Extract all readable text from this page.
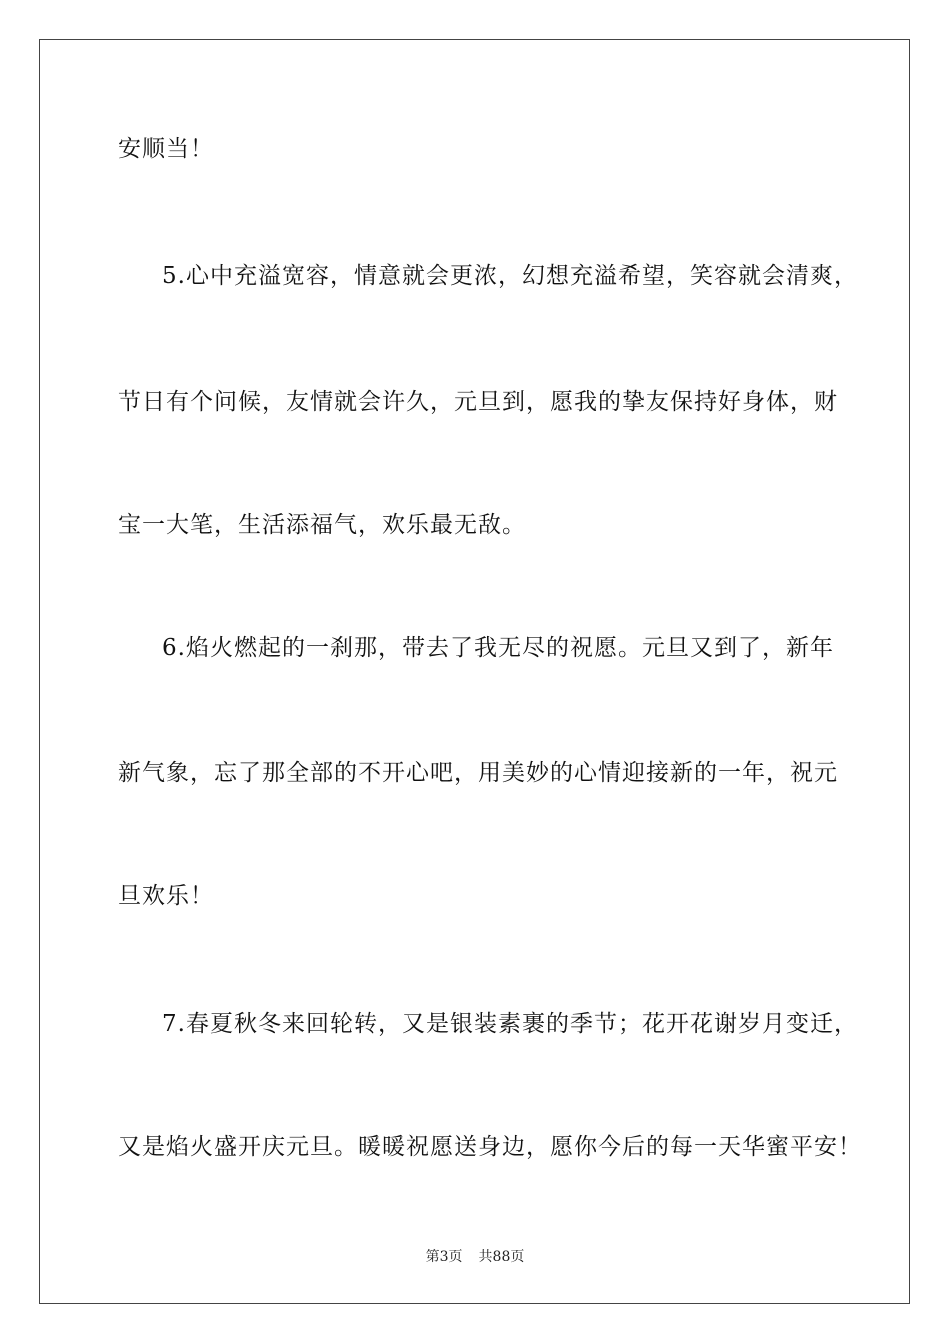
安顺当！
5.心中充溢宽容，情意就会更浓，幻想充溢希望，笑容就会清爽，
节日有个问候，友情就会许久，元旦到，愿我的挚友保持好身体，财
宝一大笔，生活添福气，欢乐最无敌。
6.焰火燃起的一刹那，带去了我无尽的祝愿。元旦又到了，新年
新气象，忘了那全部的不开心吧，用美妙的心情迎接新的一年，祝元
旦欢乐！
7.春夏秋冬来回轮转，又是银装素裹的季节；花开花谢岁月变迁，
又是焰火盛开庆元旦。暖暖祝愿送身边，愿你今后的每一天华蜜平安！
第3页 共88页
